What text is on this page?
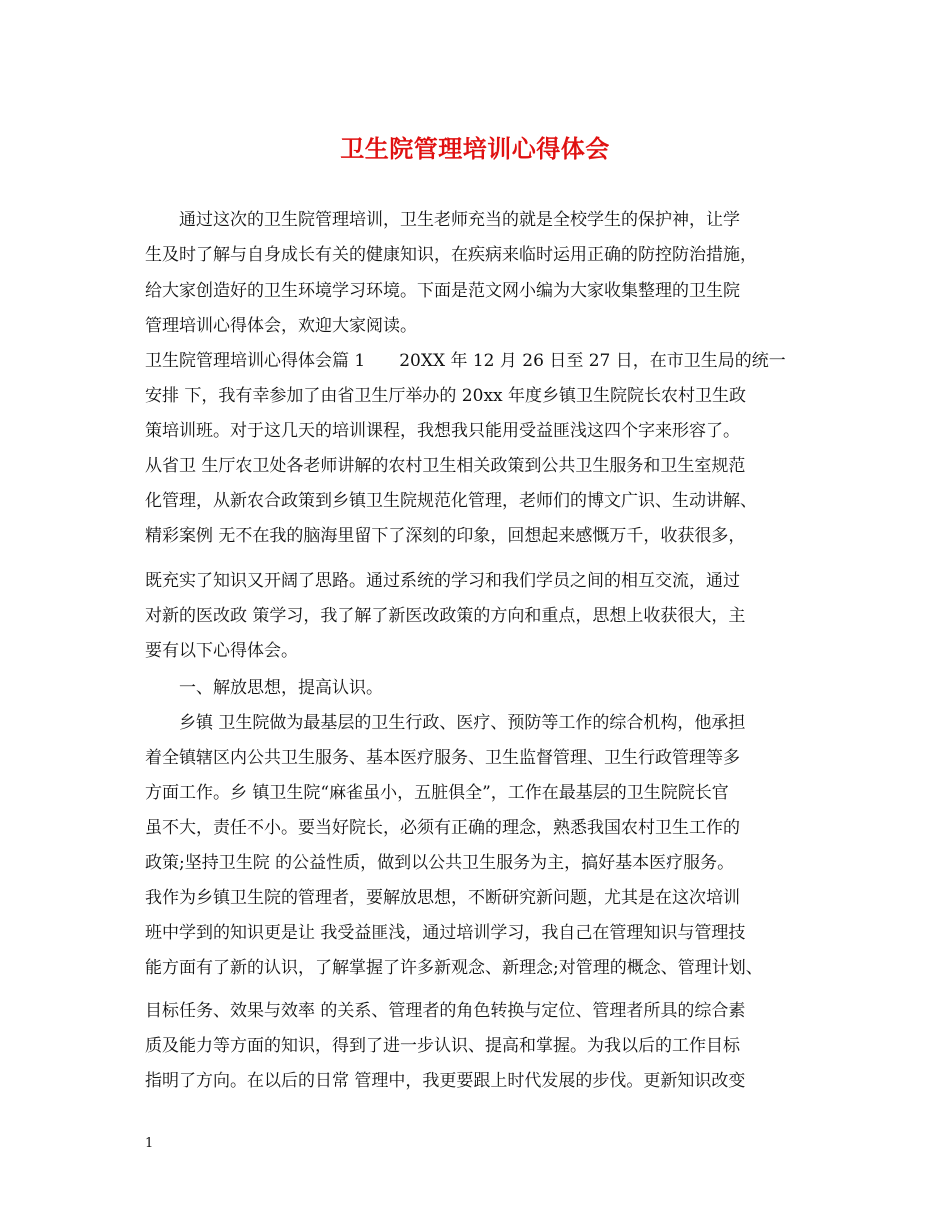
卫生院管理培训心得体会
通过这次的卫生院管理培训，卫生老师充当的就是全校学生的保护神，让学
生及时了解与自身成长有关的健康知识，在疾病来临时运用正确的防控防治措施，
给大家创造好的卫生环境学习环境。下面是范文网小编为大家收集整理的卫生院
管理培训心得体会，欢迎大家阅读。
卫生院管理培训心得体会篇 1　　20XX 年 12 月 26 日至 27 日，在市卫生局的统一
安排 下，我有幸参加了由省卫生厅举办的 20xx 年度乡镇卫生院院长农村卫生政
策培训班。对于这几天的培训课程，我想我只能用受益匪浅这四个字来形容了。
从省卫 生厅农卫处各老师讲解的农村卫生相关政策到公共卫生服务和卫生室规范
化管理，从新农合政策到乡镇卫生院规范化管理，老师们的博文广识、生动讲解、
精彩案例 无不在我的脑海里留下了深刻的印象，回想起来感慨万千，收获很多，
既充实了知识又开阔了思路。通过系统的学习和我们学员之间的相互交流，通过
对新的医改政 策学习，我了解了新医改政策的方向和重点，思想上收获很大，主
要有以下心得体会。
一、解放思想，提高认识。
乡镇 卫生院做为最基层的卫生行政、医疗、预防等工作的综合机构，他承担
着全镇辖区内公共卫生服务、基本医疗服务、卫生监督管理、卫生行政管理等多
方面工作。乡 镇卫生院“麻雀虽小，五脏俱全”，工作在最基层的卫生院院长官
虽不大，责任不小。要当好院长，必须有正确的理念，熟悉我国农村卫生工作的
政策;坚持卫生院 的公益性质，做到以公共卫生服务为主，搞好基本医疗服务。
我作为乡镇卫生院的管理者，要解放思想，不断研究新问题，尤其是在这次培训
班中学到的知识更是让 我受益匪浅，通过培训学习，我自己在管理知识与管理技
能方面有了新的认识，了解掌握了许多新观念、新理念;对管理的概念、管理计划、
目标任务、效果与效率 的关系、管理者的角色转换与定位、管理者所具的综合素
质及能力等方面的知识，得到了进一步认识、提高和掌握。为我以后的工作目标
指明了方向。在以后的日常 管理中，我更要跟上时代发展的步伐。更新知识改变
1
